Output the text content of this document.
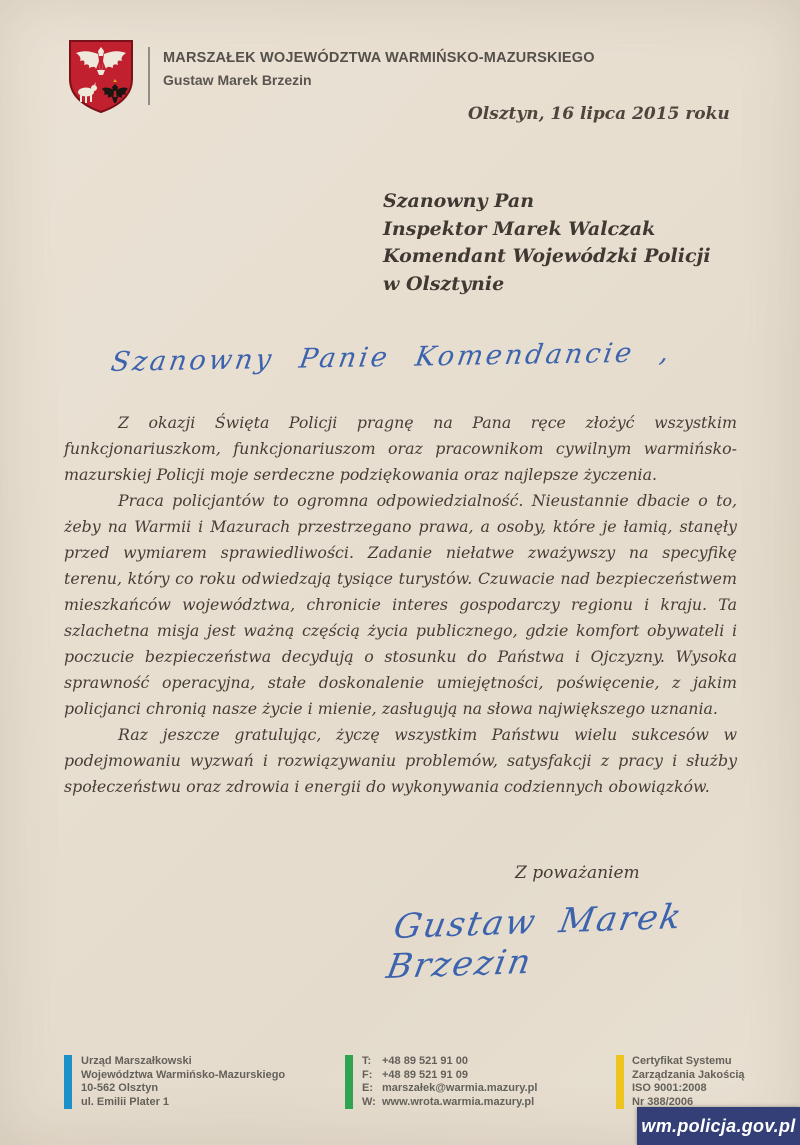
MARSZAŁEK WOJEWÓDZTWA WARMIŃSKO-MAZURSKIEGO
Gustaw Marek Brzezin
Olsztyn, 16 lipca 2015 roku
Szanowny Pan
Inspektor Marek Walczak
Komendant Wojewódzki Policji
w Olsztynie
Szanowny Panie Komendancie ,

Z okazji Święta Policji pragnę na Pana ręce złożyć wszystkim funkcjonariuszkom, funkcjonariuszom oraz pracownikom cywilnym warmińsko-mazurskiej Policji moje serdeczne podziękowania oraz najlepsze życzenia.

Praca policjantów to ogromna odpowiedzialność. Nieustannie dbacie o to, żeby na Warmii i Mazurach przestrzegano prawa, a osoby, które je łamią, stanęły przed wymiarem sprawiedliwości. Zadanie niełatwe zważywszy na specyfikę terenu, który co roku odwiedzają tysiące turystów. Czuwacie nad bezpieczeństwem mieszkańców województwa, chronicie interes gospodarczy regionu i kraju. Ta szlachetna misja jest ważną częścią życia publicznego, gdzie komfort obywateli i poczucie bezpieczeństwa decydują o stosunku do Państwa i Ojczyzny. Wysoka sprawność operacyjna, stałe doskonalenie umiejętności, poświęcenie, z jakim policjanci chronią nasze życie i mienie, zasługują na słowa największego uznania.

Raz jeszcze gratulując, życzę wszystkim Państwu wielu sukcesów w podejmowaniu wyzwań i rozwiązywaniu problemów, satysfakcji z pracy i służby społeczeństwu oraz zdrowia i energii do wykonywania codziennych obowiązków.

Z poważaniem
Gustaw Marek Brzezin
Urząd Marszałkowski
Województwa Warmińsko-Mazurskiego
10-562 Olsztyn
ul. Emilii Plater 1
T: +48 89 521 91 00
F: +48 89 521 91 09
E: marszałek@warmia.mazury.pl
W: www.wrota.warmia.mazury.pl
Certyfikat Systemu
Zarządzania Jakością
ISO 9001:2008
Nr 388/2006
wm.policja.gov.pl
